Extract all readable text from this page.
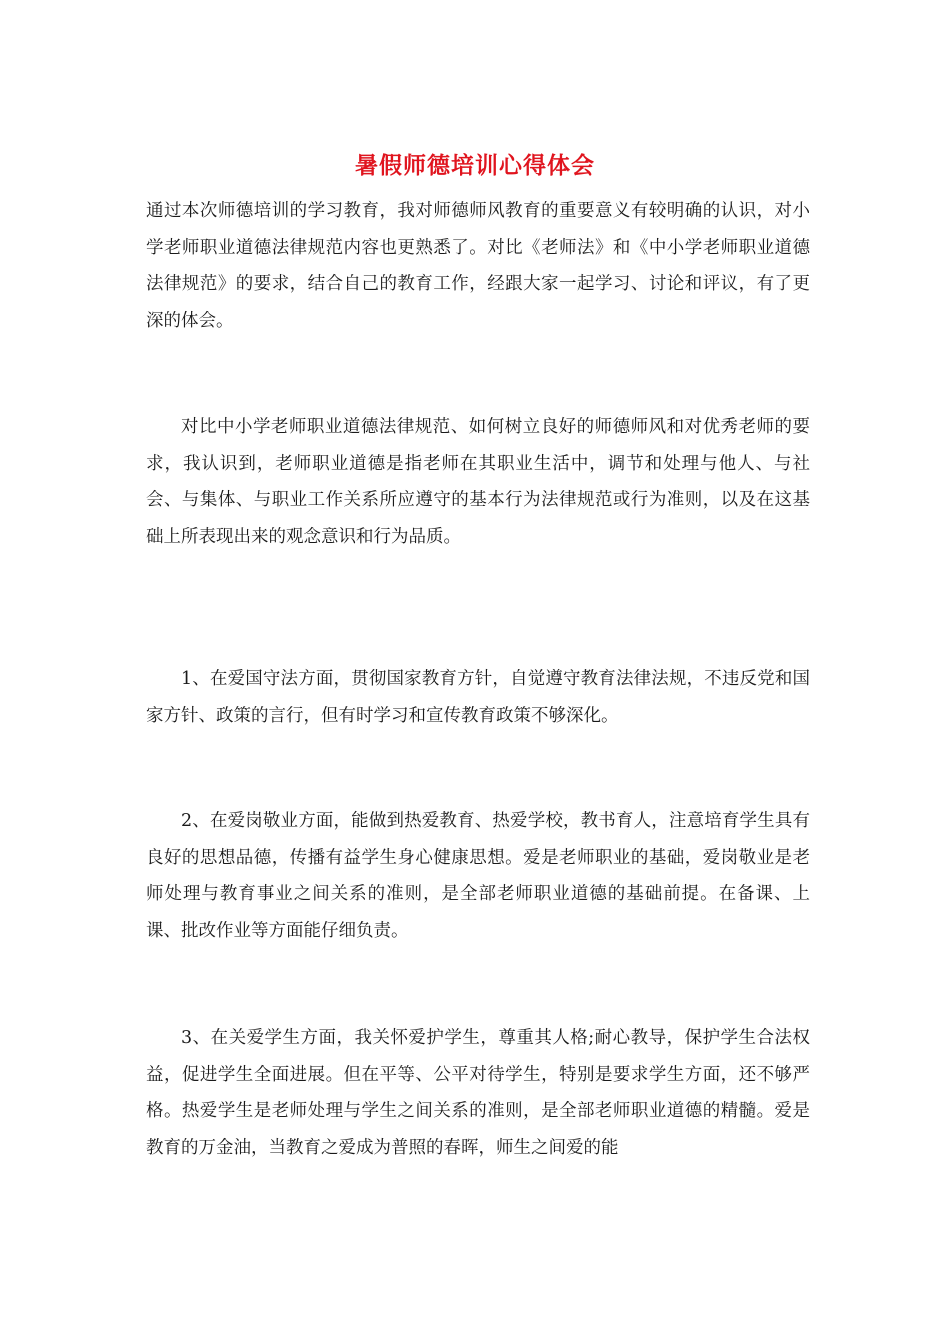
暑假师德培训心得体会

通过本次师德培训的学习教育，我对师德师风教育的重要意义有较明确的认识，对小学老师职业道德法律规范内容也更熟悉了。对比《老师法》和《中小学老师职业道德法律规范》的要求，结合自己的教育工作，经跟大家一起学习、讨论和评议，有了更深的体会。

对比中小学老师职业道德法律规范、如何树立良好的师德师风和对优秀老师的要求，我认识到，老师职业道德是指老师在其职业生活中，调节和处理与他人、与社会、与集体、与职业工作关系所应遵守的基本行为法律规范或行为准则，以及在这基础上所表现出来的观念意识和行为品质。

1、在爱国守法方面，贯彻国家教育方针，自觉遵守教育法律法规，不违反党和国家方针、政策的言行，但有时学习和宣传教育政策不够深化。

2、在爱岗敬业方面，能做到热爱教育、热爱学校，教书育人，注意培育学生具有良好的思想品德，传播有益学生身心健康思想。爱是老师职业的基础，爱岗敬业是老师处理与教育事业之间关系的准则，是全部老师职业道德的基础前提。在备课、上课、批改作业等方面能仔细负责。

3、在关爱学生方面，我关怀爱护学生，尊重其人格;耐心教导，保护学生合法权益，促进学生全面进展。但在平等、公平对待学生，特别是要求学生方面，还不够严格。热爱学生是老师处理与学生之间关系的准则，是全部老师职业道德的精髓。爱是教育的万金油，当教育之爱成为普照的春晖，师生之间爱的能
